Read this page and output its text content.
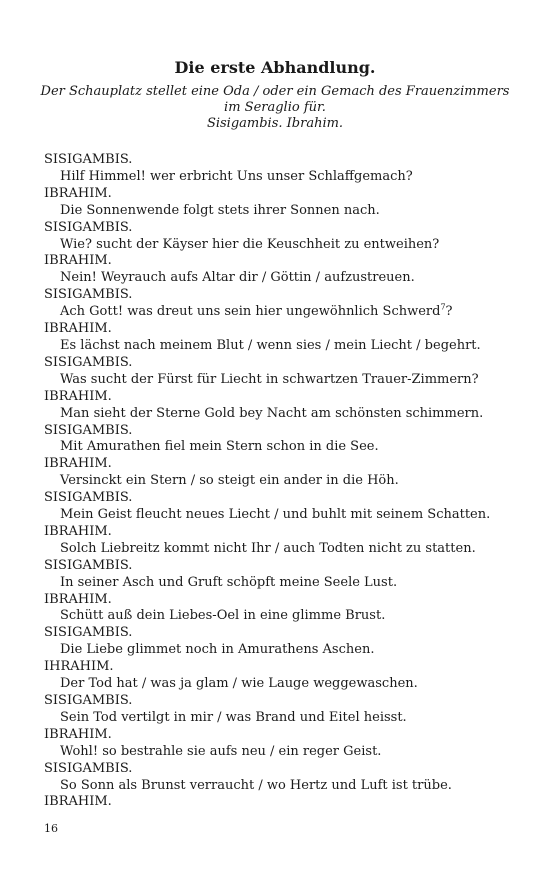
Die erste Abhandlung.
Der Schauplatz stellet eine Oda / oder ein Gemach des Frauenzimmers
im Seraglio für.
Sisigambis. Ibrahim.
SISIGAMBIS.
Hilf Himmel! wer erbricht Uns unser Schlaffgemach?
IBRAHIM.
Die Sonnenwende folgt stets ihrer Sonnen nach.
SISIGAMBIS.
Wie? sucht der Käyser hier die Keuschheit zu entweihen?
IBRAHIM.
Nein! Weyrauch aufs Altar dir / Göttin / aufzustreuen.
SISIGAMBIS.
Ach Gott! was dreut uns sein hier ungewöhnlich Schwerd$^7$?
IBRAHIM.
Es lächst nach meinem Blut / wenn sies / mein Liecht / begehrt.
SISIGAMBIS.
Was sucht der Fürst für Liecht in schwartzen Trauer-Zimmern?
IBRAHIM.
Man sieht der Sterne Gold bey Nacht am schönsten schimmern.
SISIGAMBIS.
Mit Amurathen fiel mein Stern schon in die See.
IBRAHIM.
Versinckt ein Stern / so steigt ein ander in die Höh.
SISIGAMBIS.
Mein Geist fleucht neues Liecht / und buhlt mit seinem Schatten.
IBRAHIM.
Solch Liebreitz kommt nicht Ihr / auch Todten nicht zu statten.
SISIGAMBIS.
In seiner Asch und Gruft schöpft meine Seele Lust.
IBRAHIM.
Schütt auß dein Liebes-Oel in eine glimme Brust.
SISIGAMBIS.
Die Liebe glimmet noch in Amurathens Aschen.
IHRAHIM.
Der Tod hat / was ja glam / wie Lauge weggewaschen.
SISIGAMBIS.
Sein Tod vertilgt in mir / was Brand und Eitel heisst.
IBRAHIM.
Wohl! so bestrahle sie aufs neu / ein reger Geist.
SISIGAMBIS.
So Sonn als Brunst verraucht / wo Hertz und Luft ist trübe.
IBRAHIM.
16
